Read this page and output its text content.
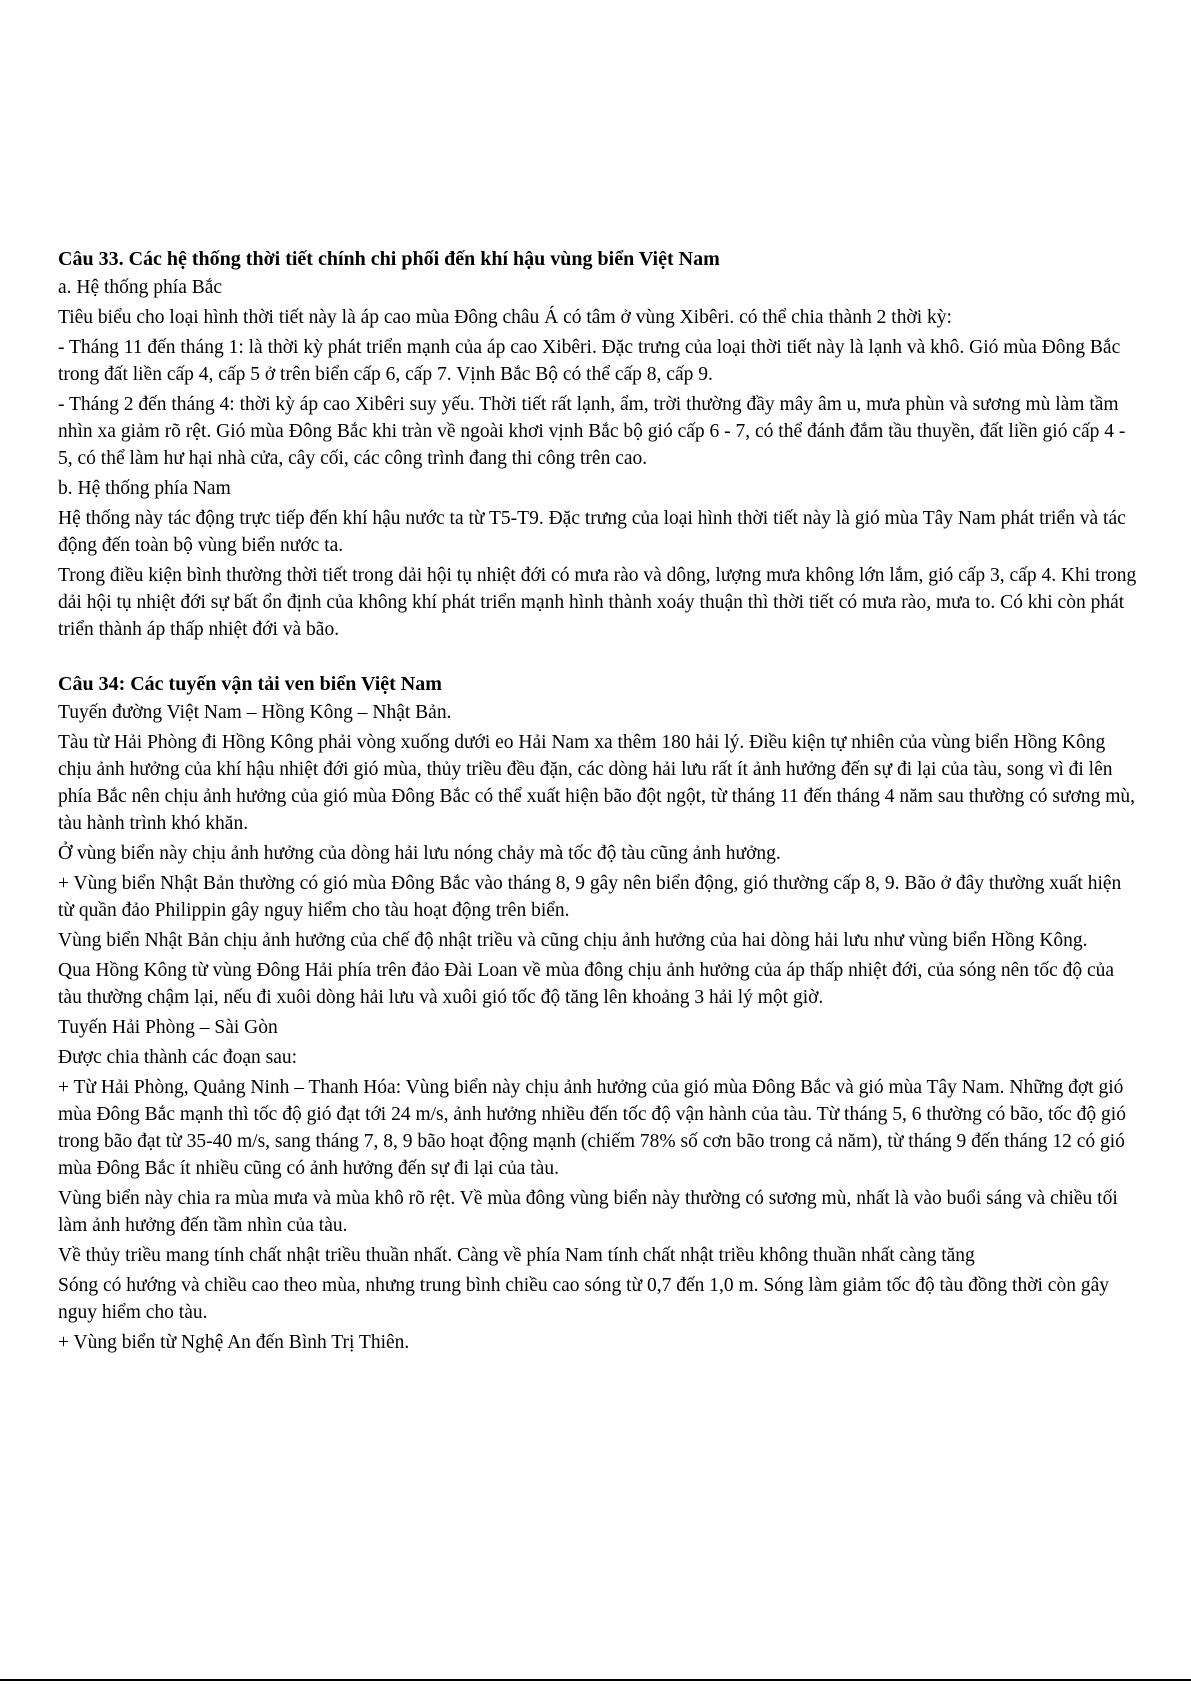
Câu 33. Các hệ thống thời tiết chính chi phối đến khí hậu vùng biển Việt Nam
a. Hệ thống phía Bắc
Tiêu biểu cho loại hình thời tiết này là áp cao mùa Đông châu Á có tâm ở vùng Xibêri. có thể chia thành 2 thời kỳ:
- Tháng 11 đến tháng 1: là thời kỳ phát triển mạnh của áp cao Xibêri. Đặc trưng của loại thời tiết này là lạnh và khô. Gió mùa Đông Bắc trong đất liền cấp 4, cấp 5 ở trên biển cấp 6, cấp 7. Vịnh Bắc Bộ có thể cấp 8, cấp 9.
- Tháng 2 đến tháng 4: thời kỳ áp cao Xibêri suy yếu. Thời tiết rất lạnh, ẩm, trời thường đầy mây âm u, mưa phùn và sương mù làm tầm nhìn xa giảm rõ rệt. Gió mùa Đông Bắc khi tràn về ngoài khơi vịnh Bắc bộ gió cấp 6 - 7, có thể đánh đắm tầu thuyền, đất liền gió cấp 4 - 5, có thể làm hư hại nhà cửa, cây cối, các công trình đang thi công trên cao.
b. Hệ thống phía Nam
Hệ thống này tác động trực tiếp đến khí hậu nước ta từ T5-T9. Đặc trưng của loại hình thời tiết này là gió mùa Tây Nam phát triển và tác động đến toàn bộ vùng biển nước ta.
Trong điều kiện bình thường thời tiết trong dải hội tụ nhiệt đới có mưa rào và dông, lượng mưa không lớn lắm, gió cấp 3, cấp 4. Khi trong dải hội tụ nhiệt đới sự bất ổn định của không khí phát triển mạnh hình thành xoáy thuận thì thời tiết có mưa rào, mưa to. Có khi còn phát triển thành áp thấp nhiệt đới và bão.
Câu 34: Các tuyến vận tải ven biển Việt Nam
Tuyến đường Việt Nam – Hồng Kông – Nhật Bản.
Tàu từ Hải Phòng đi Hồng Kông phải vòng xuống dưới eo Hải Nam xa thêm 180 hải lý. Điều kiện tự nhiên của vùng biển Hồng Kông chịu ảnh hưởng của khí hậu nhiệt đới gió mùa, thủy triều đều đặn, các dòng hải lưu rất ít ảnh hưởng đến sự đi lại của tàu, song vì đi lên phía Bắc nên chịu ảnh hưởng của gió mùa Đông Bắc có thể xuất hiện bão đột ngột, từ tháng 11 đến tháng 4 năm sau thường có sương mù, tàu hành trình khó khăn.
Ở vùng biển này chịu ảnh hưởng của dòng hải lưu nóng chảy mà tốc độ tàu cũng ảnh hưởng.
+ Vùng biển Nhật Bản thường có gió mùa Đông Bắc vào tháng 8, 9 gây nên biển động, gió thường cấp 8, 9. Bão ở đây thường xuất hiện từ quần đảo Philippin gây nguy hiểm cho tàu hoạt động trên biển.
Vùng biển Nhật Bản chịu ảnh hưởng của chế độ nhật triều và cũng chịu ảnh hưởng của hai dòng hải lưu như vùng biển Hồng Kông.
Qua Hồng Kông từ vùng Đông Hải phía trên đảo Đài Loan về mùa đông chịu ảnh hưởng của áp thấp nhiệt đới, của sóng nên tốc độ của tàu thường chậm lại, nếu đi xuôi dòng hải lưu và xuôi gió tốc độ tăng lên khoảng 3 hải lý một giờ.
Tuyến Hải Phòng – Sài Gòn
Được chia thành các đoạn sau:
+ Từ Hải Phòng, Quảng Ninh – Thanh Hóa: Vùng biển này chịu ảnh hưởng của gió mùa Đông Bắc và gió mùa Tây Nam. Những đợt gió mùa Đông Bắc mạnh thì tốc độ gió đạt tới 24 m/s, ảnh hưởng nhiều đến tốc độ vận hành của tàu. Từ tháng 5, 6 thường có bão, tốc độ gió trong bão đạt từ 35-40 m/s, sang tháng 7, 8, 9 bão hoạt động mạnh (chiếm 78% số cơn bão trong cả năm), từ tháng 9 đến tháng 12 có gió mùa Đông Bắc ít nhiều cũng có ảnh hưởng đến sự đi lại của tàu.
Vùng biển này chia ra mùa mưa và mùa khô rõ rệt. Về mùa đông vùng biển này thường có sương mù, nhất là vào buổi sáng và chiều tối làm ảnh hưởng đến tầm nhìn của tàu.
Về thủy triều mang tính chất nhật triều thuần nhất. Càng về phía Nam tính chất nhật triều không thuần nhất càng tăng
Sóng có hướng và chiều cao theo mùa, nhưng trung bình chiều cao sóng từ 0,7 đến 1,0 m. Sóng làm giảm tốc độ tàu đồng thời còn gây nguy hiểm cho tàu.
+ Vùng biển từ Nghệ An đến Bình Trị Thiên.
